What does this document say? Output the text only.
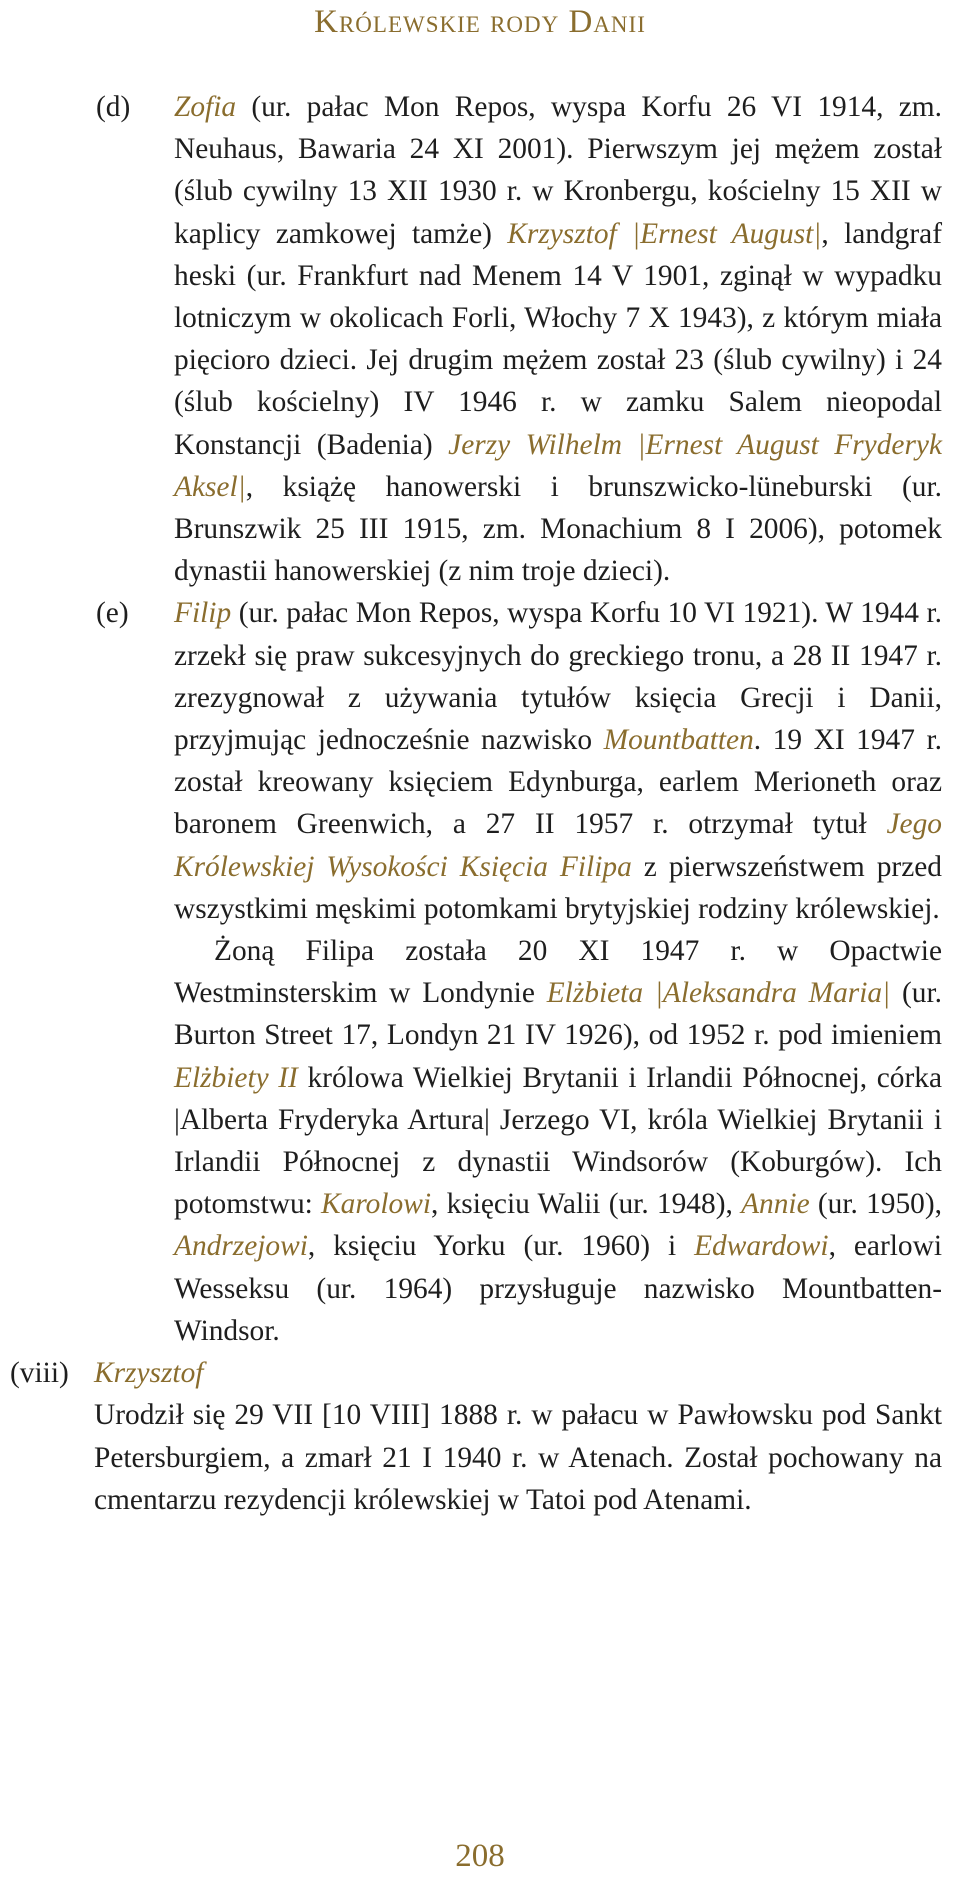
Królewskie rody Danii
(d) Zofia (ur. pałac Mon Repos, wyspa Korfu 26 VI 1914, zm. Neuhaus, Bawaria 24 XI 2001). Pierwszym jej mężem został (ślub cywilny 13 XII 1930 r. w Kronbergu, kościelny 15 XII w kaplicy zamkowej tamże) Krzysztof |Ernest August|, landgraf heski (ur. Frankfurt nad Menem 14 V 1901, zginął w wypadku lotniczym w okolicach Forli, Włochy 7 X 1943), z którym miała pięcioro dzieci. Jej drugim mężem został 23 (ślub cywilny) i 24 (ślub kościelny) IV 1946 r. w zamku Salem nieopodal Konstancji (Badenia) Jerzy Wilhelm |Ernest August Fryderyk Aksel|, książę hanowerski i brunszwicko-lüneburski (ur. Brunszwik 25 III 1915, zm. Monachium 8 I 2006), potomek dynastii hanowerskiej (z nim troje dzieci).

(e) Filip (ur. pałac Mon Repos, wyspa Korfu 10 VI 1921). W 1944 r. zrzekł się praw sukcesyjnych do greckiego tronu, a 28 II 1947 r. zrezygnował z używania tytułów księcia Grecji i Danii, przyjmując jednocześnie nazwisko Mountbatten. 19 XI 1947 r. został kreowany księciem Edynburga, earlem Merioneth oraz baronem Greenwich, a 27 II 1957 r. otrzymał tytuł Jego Królewskiej Wysokości Księcia Filipa z pierwszeństwem przed wszystkimi męskimi potomkami brytyjskiej rodziny królewskiej.

Żoną Filipa została 20 XI 1947 r. w Opactwie Westminsterskim w Londynie Elżbieta |Aleksandra Maria| (ur. Burton Street 17, Londyn 21 IV 1926), od 1952 r. pod imieniem Elżbiety II królowa Wielkiej Brytanii i Irlandii Północnej, córka |Alberta Fryderyka Artura| Jerzego VI, króla Wielkiej Brytanii i Irlandii Północnej z dynastii Windsorów (Koburgów). Ich potomstwu: Karolowi, księciu Walii (ur. 1948), Annie (ur. 1950), Andrzejowi, księciu Yorku (ur. 1960) i Edwardowi, earlowi Wesseksu (ur. 1964) przysługuje nazwisko Mountbatten-Windsor.

(viii) Krzysztof

Urodził się 29 VII [10 VIII] 1888 r. w pałacu w Pawłowsku pod Sankt Petersburgiem, a zmarł 21 I 1940 r. w Atenach. Został pochowany na cmentarzu rezydencji królewskiej w Tatoi pod Atenami.

208
